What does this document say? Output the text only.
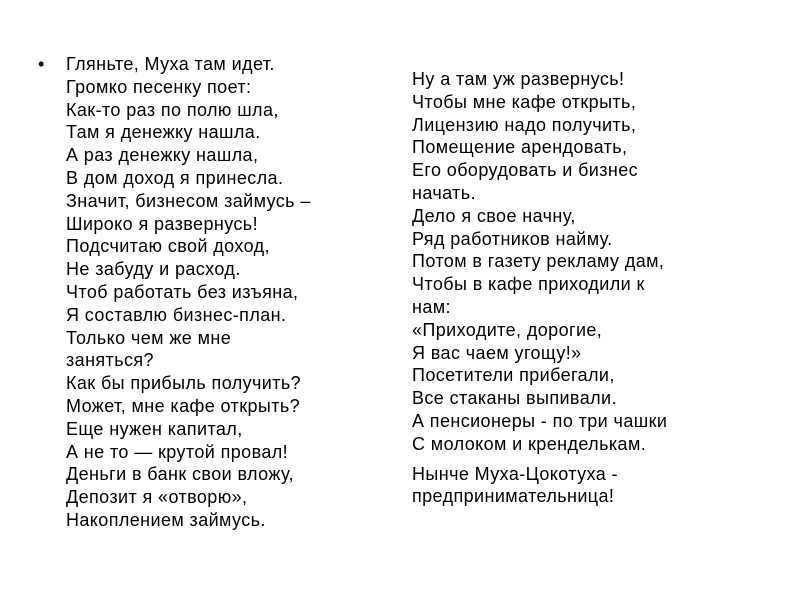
• Гляньте, Муха там идет.
Громко песенку поет:
Как-то раз по полю шла,
Там я денежку нашла.
А раз денежку нашла,
В дом доход я принесла.
Значит, бизнесом займусь –
Широко я развернусь!
Подсчитаю свой доход,
Не забуду и расход.
Чтоб работать без изъяна,
Я составлю бизнес-план.
Только чем же мне
заняться?
Как бы прибыль получить?
Может, мне кафе открыть?
Еще нужен капитал,
А не то — крутой провал!
Деньги в банк свои вложу,
Депозит я «отворю»,
Накоплением займусь.
Ну а там уж развернусь!
Чтобы мне кафе открыть,
Лицензию надо получить,
Помещение арендовать,
Его оборудовать и бизнес
начать.
Дело я свое начну,
Ряд работников найму.
Потом в газету рекламу дам,
Чтобы в кафе приходили к
нам:
«Приходите, дорогие,
Я вас чаем угощу!»
Посетители прибегали,
Все стаканы выпивали.
А пенсионеры - по три чашки
С молоком и кренделькам.
Нынче Муха-Цокотуха -
предпринимательница!
